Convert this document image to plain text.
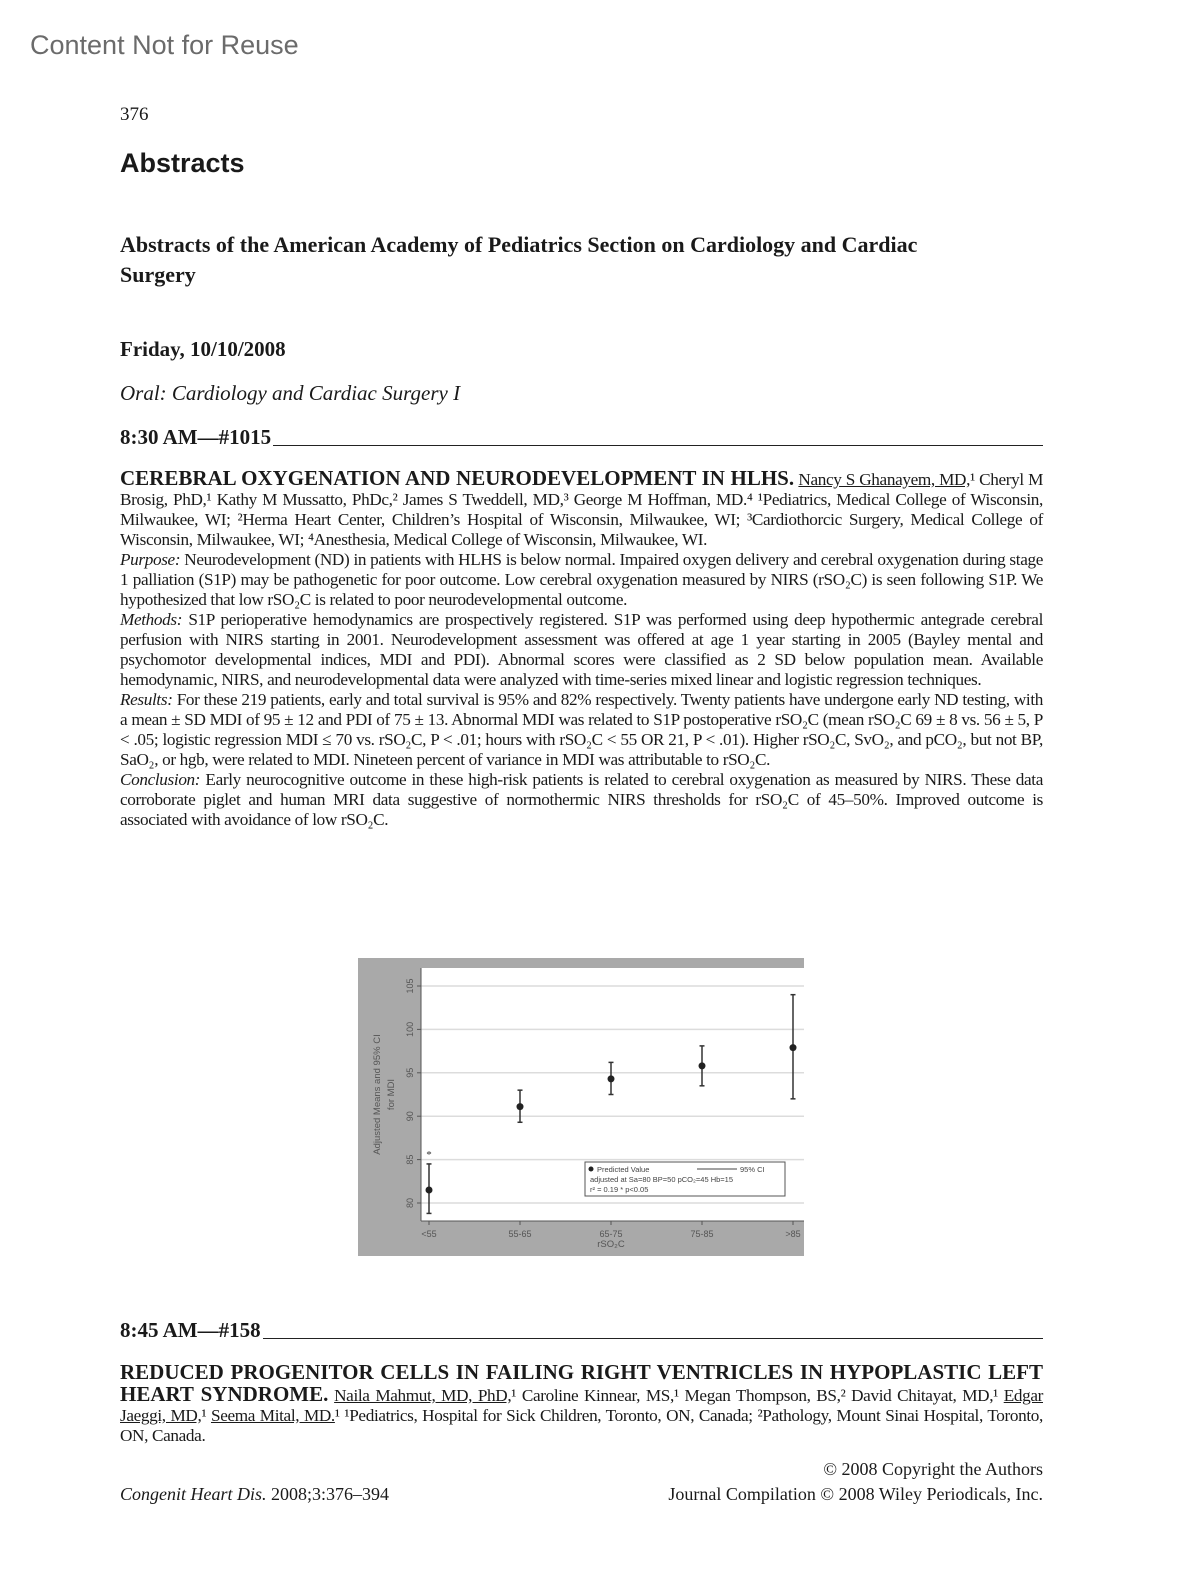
Content Not for Reuse
376
Abstracts
Abstracts of the American Academy of Pediatrics Section on Cardiology and Cardiac Surgery
Friday, 10/10/2008
Oral: Cardiology and Cardiac Surgery I
8:30 AM—#1015

CEREBRAL OXYGENATION AND NEURODEVELOPMENT IN HLHS. Nancy S Ghanayem, MD,¹ Cheryl M Brosig, PhD,¹ Kathy M Mussatto, PhDc,² James S Tweddell, MD,³ George M Hoffman, MD.⁴ ¹Pediatrics, Medical College of Wisconsin, Milwaukee, WI; ²Herma Heart Center, Children’s Hospital of Wisconsin, Milwaukee, WI; ³Cardiothorcic Surgery, Medical College of Wisconsin, Milwaukee, WI; ⁴Anesthesia, Medical College of Wisconsin, Milwaukee, WI.

Purpose: Neurodevelopment (ND) in patients with HLHS is below normal. Impaired oxygen delivery and cerebral oxygenation during stage 1 palliation (S1P) may be pathogenetic for poor outcome. Low cerebral oxygenation measured by NIRS (rSO₂C) is seen following S1P. We hypothesized that low rSO₂C is related to poor neurodevelopmental outcome.

Methods: S1P perioperative hemodynamics are prospectively registered. S1P was performed using deep hypothermic antegrade cerebral perfusion with NIRS starting in 2001. Neurodevelopment assessment was offered at age 1 year starting in 2005 (Bayley mental and psychomotor developmental indices, MDI and PDI). Abnormal scores were classified as 2 SD below population mean. Available hemodynamic, NIRS, and neurodevelopmental data were analyzed with time-series mixed linear and logistic regression techniques.

Results: For these 219 patients, early and total survival is 95% and 82% respectively. Twenty patients have undergone early ND testing, with a mean ± SD MDI of 95 ± 12 and PDI of 75 ± 13. Abnormal MDI was related to S1P postoperative rSO₂C (mean rSO₂C 69 ± 8 vs. 56 ± 5, P < .05; logistic regression MDI ≤ 70 vs. rSO₂C, P < .01; hours with rSO₂C < 55 OR 21, P < .01). Higher rSO₂C, SvO₂, and pCO₂, but not BP, SaO₂, or hgb, were related to MDI. Nineteen percent of variance in MDI was attributable to rSO₂C.

Conclusion: Early neurocognitive outcome in these high-risk patients is related to cerebral oxygenation as measured by NIRS. These data corroborate piglet and human MRI data suggestive of normothermic NIRS thresholds for rSO₂C of 45–50%. Improved outcome is associated with avoidance of low rSO₂C.

80
85
90
95
100
105
Adjusted Means and 95% CI for MDI
<55
*
55-65	65-75	75-85	>85
rSO₂C
Predicted Value	95% CI
adjusted at Sa=80 BP=50 pCO₂=45 Hb=15
r² = 0.19 * p<0.05
8:45 AM—#158

REDUCED PROGENITOR CELLS IN FAILING RIGHT VENTRICLES IN HYPOPLASTIC LEFT HEART SYNDROME. Naila Mahmut, MD, PhD,¹ Caroline Kinnear, MS,¹ Megan Thompson, BS,² David Chitayat, MD,¹ Edgar Jaeggi, MD,¹ Seema Mital, MD.¹ ¹Pediatrics, Hospital for Sick Children, Toronto, ON, Canada; ²Pathology, Mount Sinai Hospital, Toronto, ON, Canada.

© 2008 Copyright the Authors
Congenit Heart Dis. 2008;3:376–394	Journal Compilation © 2008 Wiley Periodicals, Inc.
